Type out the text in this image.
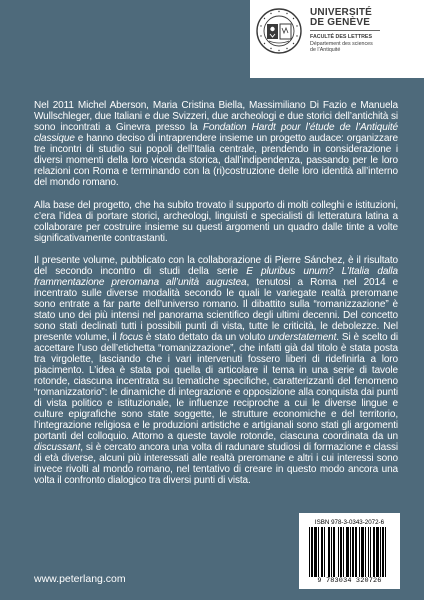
UNIVERSITÉ
DE GENÈVE
FACULTÉ DES LETTRES
Département des sciences
de l’Antiquité

Nel 2011 Michel Aberson, Maria Cristina Biella, Massimiliano Di Fazio e Manuela Wullschleger, due Italiani e due Svizzeri, due archeologi e due storici dell’antichità si sono incontrati a Ginevra presso la Fondation Hardt pour l’étude de l’Antiquité classique e hanno deciso di intraprendere insieme un progetto audace: organizzare tre incontri di studio sui popoli dell’Italia centrale, prendendo in considerazione i diversi momenti della loro vicenda storica, dall’indipendenza, passando per le loro relazioni con Roma e terminando con la (ri)costruzione delle loro identità all’interno del mondo romano.

Alla base del progetto, che ha subito trovato il supporto di molti colleghi e istituzioni, c’era l’idea di portare storici, archeologi, linguisti e specialisti di letteratura latina a collaborare per costruire insieme su questi argomenti un quadro dalle tinte a volte significativamente contrastanti.

Il presente volume, pubblicato con la collaborazione di Pierre Sánchez, è il risultato del secondo incontro di studi della serie E pluribus unum? L’Italia dalla frammentazione preromana all’unità augustea, tenutosi a Roma nel 2014 e incentrato sulle diverse modalità secondo le quali le variegate realtà preromane sono entrate a far parte dell’universo romano. Il dibattito sulla “romanizzazione” è stato uno dei più intensi nel panorama scientifico degli ultimi decenni. Del concetto sono stati declinati tutti i possibili punti di vista, tutte le criticità, le debolezze. Nel presente volume, il focus è stato dettato da un voluto understatement. Si è scelto di accettare l’uso dell’etichetta “romanizzazione”, che infatti già dal titolo è stata posta tra virgolette, lasciando che i vari intervenuti fossero liberi di ridefinirla a loro piacimento. L’idea è stata poi quella di articolare il tema in una serie di tavole rotonde, ciascuna incentrata su tematiche specifiche, caratterizzanti del fenomeno “romanizzatorio”: le dinamiche di integrazione e opposizione alla conquista dai punti di vista politico e istituzionale, le influenze reciproche a cui le diverse lingue e culture epigrafiche sono state soggette, le strutture economiche e del territorio, l’integrazione religiosa e le produzioni artistiche e artigianali sono stati gli argomenti portanti del colloquio. Attorno a queste tavole rotonde, ciascuna coordinata da un discussant, si è cercato ancora una volta di radunare studiosi di formazione e classi di età diverse, alcuni più interessati alle realtà preromane e altri i cui interessi sono invece rivolti al mondo romano, nel tentativo di creare in questo modo ancora una volta il confronto dialogico tra diversi punti di vista.

ISBN 978-3-0343-2072-6
9 783034 320726
www.peterlang.com
